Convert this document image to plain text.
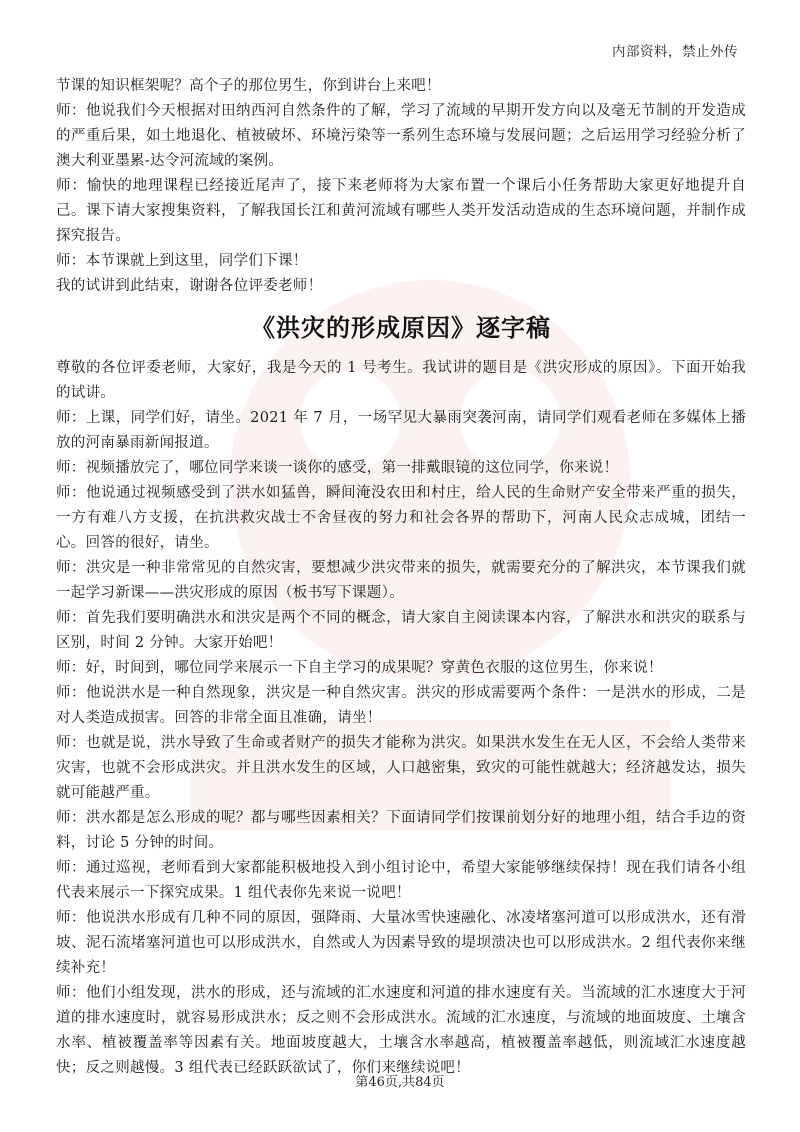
内部资料，禁止外传

节课的知识框架呢？高个子的那位男生，你到讲台上来吧！

师：他说我们今天根据对田纳西河自然条件的了解，学习了流域的早期开发方向以及毫无节制的开发造成的严重后果，如土地退化、植被破坏、环境污染等一系列生态环境与发展问题；之后运用学习经验分析了澳大利亚墨累-达令河流域的案例。

师：愉快的地理课程已经接近尾声了，接下来老师将为大家布置一个课后小任务帮助大家更好地提升自己。课下请大家搜集资料，了解我国长江和黄河流域有哪些人类开发活动造成的生态环境问题，并制作成探究报告。

师：本节课就上到这里，同学们下课！

我的试讲到此结束，谢谢各位评委老师！

《洪灾的形成原因》逐字稿

尊敬的各位评委老师，大家好，我是今天的 1 号考生。我试讲的题目是《洪灾形成的原因》。下面开始我的试讲。

师：上课，同学们好，请坐。2021 年 7 月，一场罕见大暴雨突袭河南，请同学们观看老师在多媒体上播放的河南暴雨新闻报道。

师：视频播放完了，哪位同学来谈一谈你的感受，第一排戴眼镜的这位同学，你来说！

师：他说通过视频感受到了洪水如猛兽，瞬间淹没农田和村庄，给人民的生命财产安全带来严重的损失，一方有难八方支援，在抗洪救灾战士不舍昼夜的努力和社会各界的帮助下，河南人民众志成城，团结一心。回答的很好，请坐。

师：洪灾是一种非常常见的自然灾害，要想减少洪灾带来的损失，就需要充分的了解洪灾，本节课我们就一起学习新课——洪灾形成的原因（板书写下课题）。

师：首先我们要明确洪水和洪灾是两个不同的概念，请大家自主阅读课本内容，了解洪水和洪灾的联系与区别，时间 2 分钟。大家开始吧！

师：好，时间到，哪位同学来展示一下自主学习的成果呢？穿黄色衣服的这位男生，你来说！

师：他说洪水是一种自然现象，洪灾是一种自然灾害。洪灾的形成需要两个条件：一是洪水的形成，二是对人类造成损害。回答的非常全面且准确，请坐！

师：也就是说，洪水导致了生命或者财产的损失才能称为洪灾。如果洪水发生在无人区，不会给人类带来灾害，也就不会形成洪灾。并且洪水发生的区域，人口越密集，致灾的可能性就越大；经济越发达，损失就可能越严重。

师：洪水都是怎么形成的呢？都与哪些因素相关？下面请同学们按课前划分好的地理小组，结合手边的资料，讨论 5 分钟的时间。

师：通过巡视，老师看到大家都能积极地投入到小组讨论中，希望大家能够继续保持！现在我们请各小组代表来展示一下探究成果。1 组代表你先来说一说吧！

师：他说洪水形成有几种不同的原因，强降雨、大量冰雪快速融化、冰凌堵塞河道可以形成洪水，还有滑坡、泥石流堵塞河道也可以形成洪水，自然或人为因素导致的堤坝溃决也可以形成洪水。2 组代表你来继续补充！

师：他们小组发现，洪水的形成，还与流域的汇水速度和河道的排水速度有关。当流域的汇水速度大于河道的排水速度时，就容易形成洪水；反之则不会形成洪水。流域的汇水速度，与流域的地面坡度、土壤含水率、植被覆盖率等因素有关。地面坡度越大，土壤含水率越高，植被覆盖率越低，则流域汇水速度越快；反之则越慢。3 组代表已经跃跃欲试了，你们来继续说吧！

第46页,共84页
